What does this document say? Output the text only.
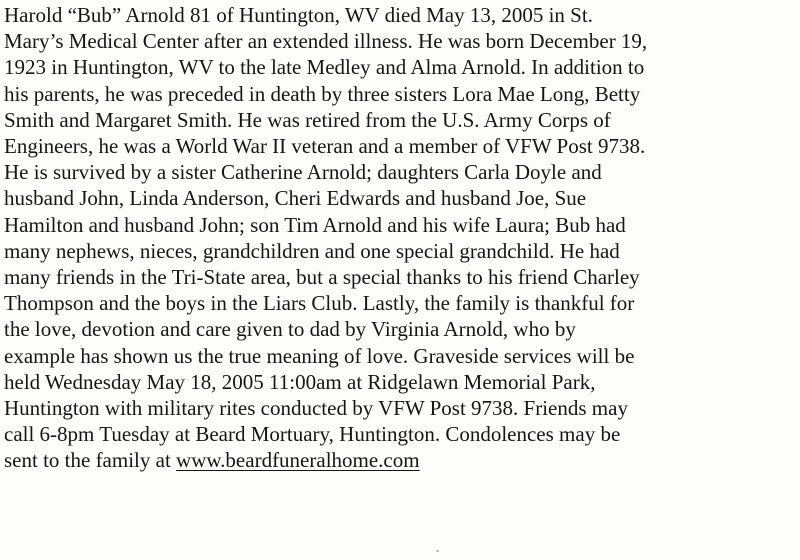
Harold “Bub” Arnold 81 of Huntington, WV died May 13, 2005 in St.
Mary’s Medical Center after an extended illness. He was born December 19,
1923 in Huntington, WV to the late Medley and Alma Arnold. In addition to
his parents, he was preceded in death by three sisters Lora Mae Long, Betty
Smith and Margaret Smith. He was retired from the U.S. Army Corps of
Engineers, he was a World War II veteran and a member of VFW Post 9738.
He is survived by a sister Catherine Arnold; daughters Carla Doyle and
husband John, Linda Anderson, Cheri Edwards and husband Joe, Sue
Hamilton and husband John; son Tim Arnold and his wife Laura; Bub had
many nephews, nieces, grandchildren and one special grandchild. He had
many friends in the Tri-State area, but a special thanks to his friend Charley
Thompson and the boys in the Liars Club. Lastly, the family is thankful for
the love, devotion and care given to dad by Virginia Arnold, who by
example has shown us the true meaning of love. Graveside services will be
held Wednesday May 18, 2005 11:00am at Ridgelawn Memorial Park,
Huntington with military rites conducted by VFW Post 9738. Friends may
call 6-8pm Tuesday at Beard Mortuary, Huntington. Condolences may be
sent to the family at www.beardfuneralhome.com
